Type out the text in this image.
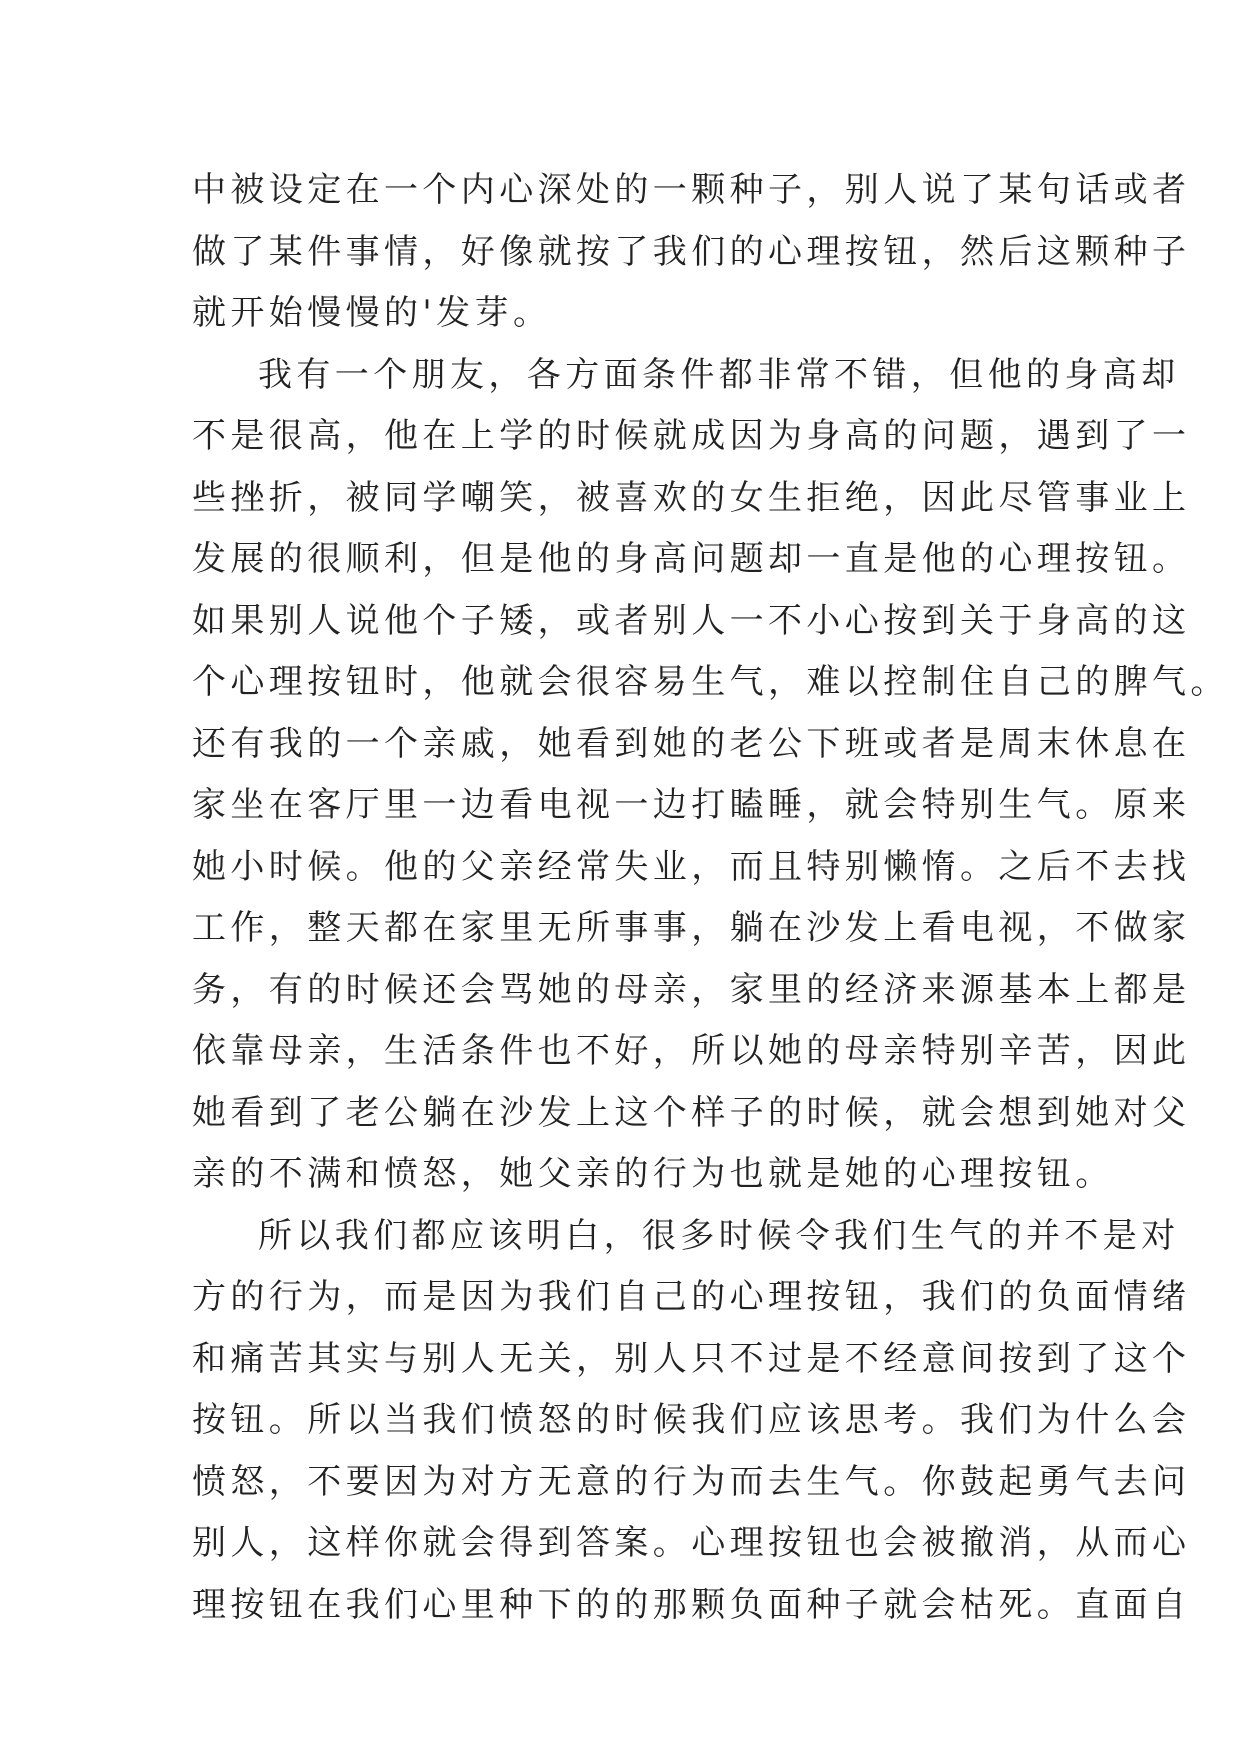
中被设定在一个内心深处的一颗种子，别人说了某句话或者
做了某件事情，好像就按了我们的心理按钮，然后这颗种子
就开始慢慢的'发芽。
我有一个朋友，各方面条件都非常不错，但他的身高却
不是很高，他在上学的时候就成因为身高的问题，遇到了一
些挫折，被同学嘲笑，被喜欢的女生拒绝，因此尽管事业上
发展的很顺利，但是他的身高问题却一直是他的心理按钮。
如果别人说他个子矮，或者别人一不小心按到关于身高的这
个心理按钮时，他就会很容易生气，难以控制住自己的脾气。
还有我的一个亲戚，她看到她的老公下班或者是周末休息在
家坐在客厅里一边看电视一边打瞌睡，就会特别生气。原来
她小时候。他的父亲经常失业，而且特别懒惰。之后不去找
工作，整天都在家里无所事事，躺在沙发上看电视，不做家
务，有的时候还会骂她的母亲，家里的经济来源基本上都是
依靠母亲，生活条件也不好，所以她的母亲特别辛苦，因此
她看到了老公躺在沙发上这个样子的时候，就会想到她对父
亲的不满和愤怒，她父亲的行为也就是她的心理按钮。
所以我们都应该明白，很多时候令我们生气的并不是对
方的行为，而是因为我们自己的心理按钮，我们的负面情绪
和痛苦其实与别人无关，别人只不过是不经意间按到了这个
按钮。所以当我们愤怒的时候我们应该思考。我们为什么会
愤怒，不要因为对方无意的行为而去生气。你鼓起勇气去问
别人，这样你就会得到答案。心理按钮也会被撤消，从而心
理按钮在我们心里种下的的那颗负面种子就会枯死。直面自
